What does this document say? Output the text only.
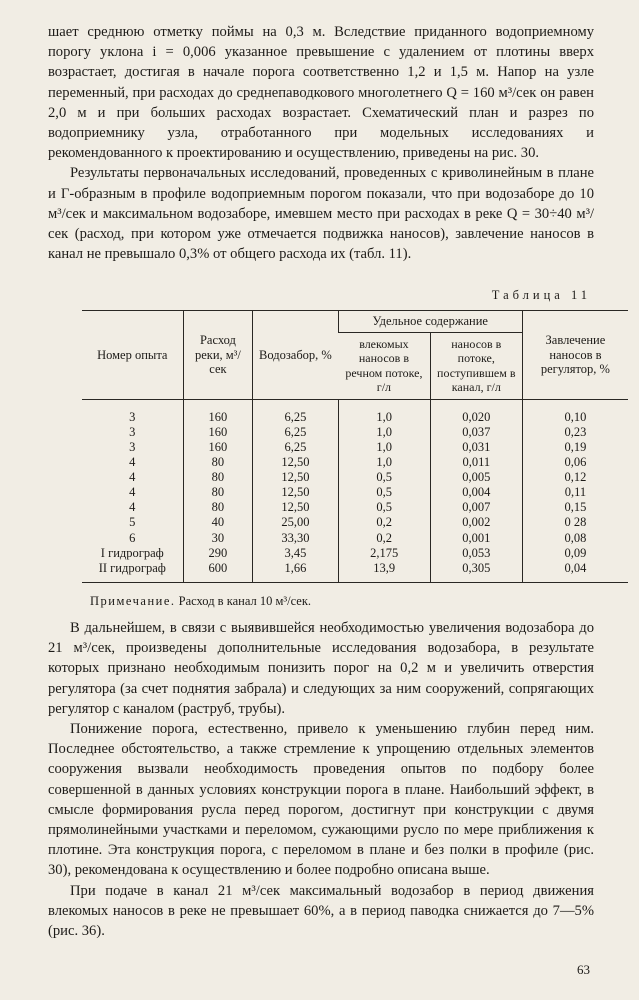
шает среднюю отметку поймы на 0,3 м. Вследствие приданного водоприемному порогу уклона i = 0,006 указанное превышение с удалением от плотины вверх возрастает, достигая в начале порога соответственно 1,2 и 1,5 м. Напор на узле переменный, при расходах до среднепаводкового многолетнего Q = 160 м³/сек он равен 2,0 м и при больших расходах возрастает. Схематический план и разрез по водоприемнику узла, отработанного при модельных исследованиях и рекомендованного к проектированию и осуществлению, приведены на рис. 30.

Результаты первоначальных исследований, проведенных с криволинейным в плане и Г-образным в профиле водоприемным порогом показали, что при водозаборе до 10 м³/сек и максимальном водозаборе, имевшем место при расходах в реке Q = 30÷40 м³/сек (расход, при котором уже отмечается подвижка наносов), завлечение наносов в канал не превышало 0,3% от общего расхода их (табл. 11).

Таблица 11
Номер опыта	Расход реки, м³/сек	Водозабор, %	Удельное содержание		Завлечение наносов в регулятор, %
			влекомых наносов в речном потоке, г/л	наносов в потоке, поступившем в канал, г/л	
3	160	6,25	1,0	0,020	0,10
3	160	6,25	1,0	0,037	0,23
3	160	6,25	1,0	0,031	0,19
4	80	12,50	1,0	0,011	0,06
4	80	12,50	0,5	0,005	0,12
4	80	12,50	0,5	0,004	0,11
4	80	12,50	0,5	0,007	0,15
5	40	25,00	0,2	0,002	0 28
6	30	33,30	0,2	0,001	0,08
I гидрограф	290	3,45	2,175	0,053	0,09
II гидрограф	600	1,66	13,9	0,305	0,04
Примечание. Расход в канал 10 м³/сек.

В дальнейшем, в связи с выявившейся необходимостью увеличения водозабора до 21 м³/сек, произведены дополнительные исследования водозабора, в результате которых признано необходимым понизить порог на 0,2 м и увеличить отверстия регулятора (за счет поднятия забрала) и следующих за ним сооружений, сопрягающих регулятор с каналом (раструб, трубы).

Понижение порога, естественно, привело к уменьшению глубин перед ним. Последнее обстоятельство, а также стремление к упрощению отдельных элементов сооружения вызвали необходимость проведения опытов по подбору более совершенной в данных условиях конструкции порога в плане. Наибольший эффект, в смысле формирования русла перед порогом, достигнут при конструкции с двумя прямолинейными участками и переломом, сужающими русло по мере приближения к плотине. Эта конструкция порога, с переломом в плане и без полки в профиле (рис. 30), рекомендована к осуществлению и более подробно описана выше.

При подаче в канал 21 м³/сек максимальный водозабор в период движения влекомых наносов в реке не превышает 60%, а в период паводка снижается до 7—5% (рис. 36).

63
